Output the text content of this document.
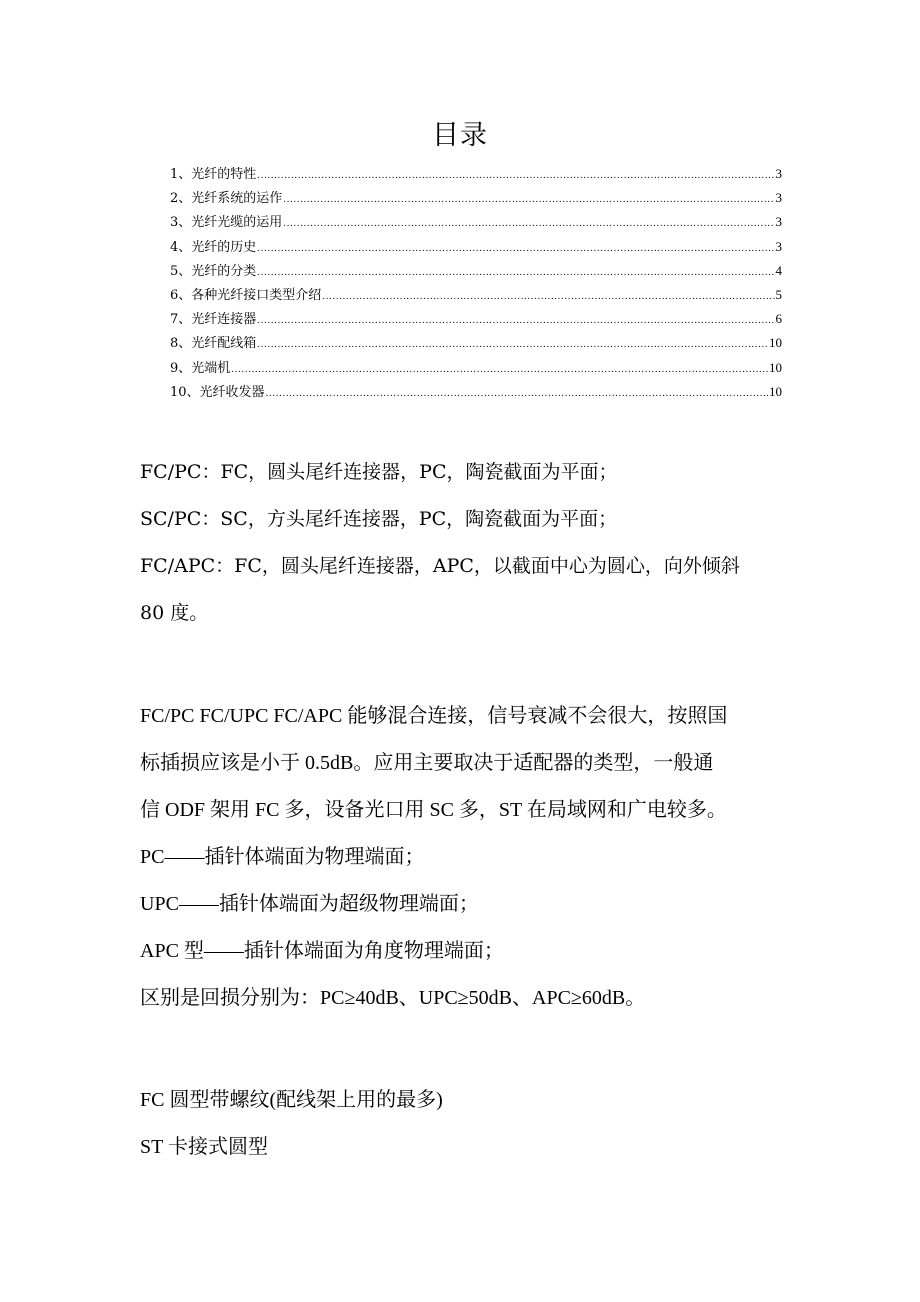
目录
1、光纤的特性 .....	3
2、光纤系统的运作 .....	3
3、光纤光缆的运用 .....	3
4、光纤的历史 .....	3
5、光纤的分类 .....	4
6、各种光纤接口类型介绍 .....	5
7、光纤连接器 .....	6
8、光纤配线箱 .....	10
9、光端机 .....	10
10、光纤收发器 .....	10
FC/PC：FC，圆头尾纤连接器，PC，陶瓷截面为平面；
SC/PC：SC，方头尾纤连接器，PC，陶瓷截面为平面；
FC/APC：FC，圆头尾纤连接器，APC，以截面中心为圆心，向外倾斜
80 度。
FC/PC FC/UPC FC/APC 能够混合连接，信号衰减不会很大，按照国
标插损应该是小于 0.5dB。应用主要取决于适配器的类型，一般通
信 ODF 架用 FC 多，设备光口用 SC 多，ST 在局域网和广电较多。
PC——插针体端面为物理端面；
UPC——插针体端面为超级物理端面；
APC 型——插针体端面为角度物理端面；
区别是回损分别为：PC≥40dB、UPC≥50dB、APC≥60dB。
FC 圆型带螺纹(配线架上用的最多)
ST 卡接式圆型
